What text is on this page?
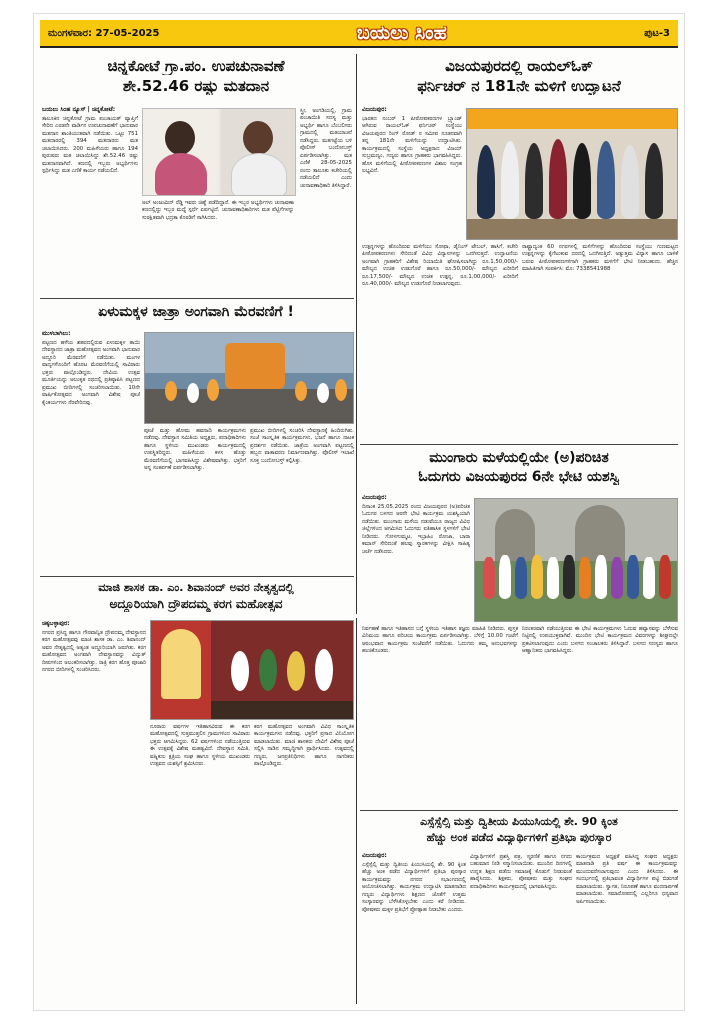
ಮಂಗಳವಾರ: 27-05-2025	ಬಯಲು ಸಿಂಹ	ಪುಟ-3
ಚಿನ್ನಕೋಟೆ ಗ್ರಾ.ಪಂ. ಉಪಚುನಾವಣೆ
ಶೇ.52.46 ರಷ್ಟು ಮತದಾನ
ಬಯಲು ಸಿಂಹ ನ್ಯೂಸ್ | ಚಿನ್ನಕೋಟೆ:
ತಾಲೂಕಿನ ಚಿನ್ನಕೋಟೆ ಗ್ರಾಮ ಪಂಚಾಯತ್ ವ್ಯಾಪ್ತಿಗೆ ಸೇರಿದ ಎರಡನೇ ವಾರ್ಡಿನ ಉಪಚುನಾವಣೆಗೆ ಭಾನುವಾರ ಮತದಾನ ಶಾಂತಿಯುತವಾಗಿ ನಡೆಯಿತು. ಒಟ್ಟು 751 ಮತದಾರರಲ್ಲಿ 394 ಮತದಾರರು ಮತ ಚಲಾಯಿಸಿದರು. 200 ಮಹಿಳೆಯರು ಹಾಗೂ 194 ಪುರುಷರು ಮತ ಚಲಾಯಿಸಿದ್ದು ಶೇ.52.46 ರಷ್ಟು ಮತದಾನವಾಗಿದೆ. ಕಣದಲ್ಲಿ ಇಬ್ಬರು ಅಭ್ಯರ್ಥಿಗಳು ಸ್ಪರ್ಧಿಸಿದ್ದು ಮತ ಎಣಿಕೆ ಕಾರ್ಯ ನಡೆಯಲಿದೆ.
ಅಲ್ ಅಂಜುಮಿನ್ ರೆಡ್ಡಿ ಇವರು ಚಿಹ್ನೆ ಪಡೆದಿದ್ದಾರೆ. ಈ ಇಬ್ಬರ ಅಭ್ಯರ್ಥಿಗಳು ಚುನಾವಣಾ ಕಣದಲ್ಲಿದ್ದು ಇಬ್ಬರ ಮಧ್ಯೆ ಸ್ಪರ್ಧೆ ಏರ್ಪಟ್ಟಿದೆ. ಚುನಾವಣಾಧಿಕಾರಿಗಳು ಮತ ಪೆಟ್ಟಿಗೆಗಳನ್ನು ಸುರಕ್ಷಿತವಾಗಿ ಭದ್ರತಾ ಕೊಠಡಿಗೆ ಸಾಗಿಸಿದರು.
ಸ್ತ್ರೀ, ಅಂಗಡಿಯಲ್ಲಿ, ಗ್ರಾಮ ಪಂಚಾಯಿತಿ ಸದಸ್ಯ ಮತ್ತು ಅಭ್ಯರ್ಥಿ ಹಾಗೂ ಬೆಂಬಲಿಗರು ಗ್ರಾಮದಲ್ಲಿ ಮತಯಾಚನೆ ನಡೆಸಿದ್ದರು. ಮತಗಟ್ಟೆಯ ಬಳಿ ಪೊಲೀಸ್ ಬಂದೋಬಸ್ತ್ ಏರ್ಪಡಿಸಲಾಗಿತ್ತು. ಮತ ಎಣಿಕೆ 28-05-2025 ರಂದು ತಾಲೂಕು ಕಚೇರಿಯಲ್ಲಿ ನಡೆಯಲಿದೆ ಎಂದು ಚುನಾವಣಾಧಿಕಾರಿ ತಿಳಿಸಿದ್ದಾರೆ.
ಏಳುಮಕ್ಕಳ ಜಾತ್ರಾ ಅಂಗವಾಗಿ ಮೆರವಣಿಗೆ !
ಮುಳಬಾಗಿಲು:
ಪಟ್ಟಣದ ಹಳೆಯ ಶಹರದಲ್ಲಿರುವ ಏಳುಮಕ್ಕಳ ತಾಯಿ ದೇವಸ್ಥಾನದ ಜಾತ್ರಾ ಮಹೋತ್ಸವದ ಅಂಗವಾಗಿ ಭಾನುವಾರ ಅದ್ದೂರಿ ಮೆರವಣಿಗೆ ನಡೆಯಿತು. ಮಂಗಳ ವಾದ್ಯಗಳೊಂದಿಗೆ ಹೊರಟ ಮೆರವಣಿಗೆಯಲ್ಲಿ ಸಾವಿರಾರು ಭಕ್ತರು ಪಾಲ್ಗೊಂಡಿದ್ದರು. ದೇವಿಯ ಉತ್ಸವ ಮೂರ್ತಿಯನ್ನು ಅಲಂಕೃತ ರಥದಲ್ಲಿ ಪ್ರತಿಷ್ಠಾಪಿಸಿ ಪಟ್ಟಣದ ಪ್ರಮುಖ ಬೀದಿಗಳಲ್ಲಿ ಸಂಚರಿಸಲಾಯಿತು. 10ನೇ ವಾರ್ಷಿಕೋತ್ಸವದ ಅಂಗವಾಗಿ ವಿಶೇಷ ಪೂಜೆ ಕೈಂಕರ್ಯಗಳು ನೆರವೇರಿದವು.
ಪೂಜೆ ಮತ್ತು ಹೋಮ ಹವನಾದಿ ಕಾರ್ಯಕ್ರಮಗಳು ನಡೆದವು. ದೇವಸ್ಥಾನ ಸಮಿತಿಯ ಅಧ್ಯಕ್ಷರು, ಪದಾಧಿಕಾರಿಗಳು ಹಾಗೂ ಸ್ಥಳೀಯ ಮುಖಂಡರು ಕಾರ್ಯಕ್ರಮದಲ್ಲಿ ಉಪಸ್ಥಿತರಿದ್ದರು. ಮಹಿಳೆಯರು ಕಳಸ ಹೊತ್ತು ಮೆರವಣಿಗೆಯಲ್ಲಿ ಭಾಗವಹಿಸಿದ್ದು ವಿಶೇಷವಾಗಿತ್ತು. ಭಕ್ತರಿಗೆ ಅನ್ನ ಸಂತರ್ಪಣೆ ಏರ್ಪಡಿಸಲಾಗಿತ್ತು.
ಪ್ರಮುಖ ಬೀದಿಗಳಲ್ಲಿ ಸಂಚರಿಸಿ ದೇವಸ್ಥಾನಕ್ಕೆ ಹಿಂದಿರುಗಿತು. ಸಂಜೆ ಸಾಂಸ್ಕೃತಿಕ ಕಾರ್ಯಕ್ರಮಗಳು, ಭಜನೆ ಹಾಗೂ ನಾಟಕ ಪ್ರದರ್ಶನ ನಡೆಯಿತು. ಜಾತ್ರೆಯ ಅಂಗವಾಗಿ ಪಟ್ಟಣದಲ್ಲಿ ಹಬ್ಬದ ವಾತಾವರಣ ನಿರ್ಮಾಣವಾಗಿತ್ತು. ಪೊಲೀಸ್ ಇಲಾಖೆ ಸೂಕ್ತ ಬಂದೋಬಸ್ತ್ ಕಲ್ಪಿಸಿತ್ತು.
ಮಾಜಿ ಶಾಸಕ ಡಾ. ಎಂ. ಶಿವಾನಂದ್ ಅವರ ನೇತೃತ್ವದಲ್ಲಿ
ಅದ್ದೂರಿಯಾಗಿ ದ್ರೌಪದಮ್ಮ ಕರಗ ಮಹೋತ್ಸವ
ಚಿಕ್ಕಬಳ್ಳಾಪುರ:
ನಗರದ ಪ್ರಸಿದ್ಧ ಹಾಗೂ ಗೌರವಾನ್ವಿತ ದ್ರೌಪದಮ್ಮ ದೇವಸ್ಥಾನದ ಕರಗ ಮಹೋತ್ಸವವು ಮಾಜಿ ಶಾಸಕ ಡಾ. ಎಂ. ಶಿವಾನಂದ್ ಅವರ ನೇತೃತ್ವದಲ್ಲಿ ಅತ್ಯಂತ ಅದ್ದೂರಿಯಾಗಿ ಜರುಗಿತು. ಕರಗ ಮಹೋತ್ಸವದ ಅಂಗವಾಗಿ ದೇವಸ್ಥಾನವನ್ನು ವಿದ್ಯುತ್ ದೀಪಗಳಿಂದ ಅಲಂಕರಿಸಲಾಗಿತ್ತು. ರಾತ್ರಿ ಕರಗ ಹೊತ್ತ ಪೂಜಾರಿ ನಗರದ ಬೀದಿಗಳಲ್ಲಿ ಸಂಚರಿಸಿದರು.
ನೂರಾರು ವರ್ಷಗಳ ಇತಿಹಾಸವಿರುವ ಈ ಕರಗ ಮಹೋತ್ಸವದಲ್ಲಿ ಸುತ್ತಮುತ್ತಲಿನ ಗ್ರಾಮಗಳಿಂದ ಸಾವಿರಾರು ಭಕ್ತರು ಆಗಮಿಸಿದ್ದರು. 62 ವರ್ಷಗಳಿಂದ ನಡೆಯುತ್ತಿರುವ ಈ ಉತ್ಸವಕ್ಕೆ ವಿಶೇಷ ಮಹತ್ವವಿದೆ. ದೇವಸ್ಥಾನ ಸಮಿತಿ, ವಹ್ನಿಕುಲ ಕ್ಷತ್ರಿಯ ಸಂಘ ಹಾಗೂ ಸ್ಥಳೀಯ ಮುಖಂಡರು ಉತ್ಸವದ ಯಶಸ್ಸಿಗೆ ಶ್ರಮಿಸಿದರು.
ಕರಗ ಮಹೋತ್ಸವದ ಅಂಗವಾಗಿ ವಿವಿಧ ಸಾಂಸ್ಕೃತಿಕ ಕಾರ್ಯಕ್ರಮಗಳು ನಡೆದವು. ಭಕ್ತರಿಗೆ ಪ್ರಸಾದ ವಿನಿಯೋಗ ಮಾಡಲಾಯಿತು. ಮಾಜಿ ಶಾಸಕರು ದೇವಿಗೆ ವಿಶೇಷ ಪೂಜೆ ಸಲ್ಲಿಸಿ ನಾಡಿನ ಸಮೃದ್ಧಿಗಾಗಿ ಪ್ರಾರ್ಥಿಸಿದರು. ಉತ್ಸವದಲ್ಲಿ ಗಣ್ಯರು, ಜನಪ್ರತಿನಿಧಿಗಳು ಹಾಗೂ ನಾಗರಿಕರು ಪಾಲ್ಗೊಂಡಿದ್ದರು.
ವಿಜಯಪುರದಲ್ಲಿ ರಾಯಲ್‌ಓಕ್
ಫರ್ನಿಚರ್ ನ 181ನೇ ಮಳಿಗೆ ಉದ್ಘಾಟನೆ
ವಿಜಯಪುರ:
ಭಾರತದ ನಂಬರ್ 1 ಪೀಠೋಪಕರಣಗಳ ಬ್ರ್ಯಾಂಡ್ ಆಗಿರುವ ರಾಯಲ್‌ಓಕ್ ಫರ್ನಿಚರ್ ಸಂಸ್ಥೆಯು ವಿಜಯಪುರದ ರಿಂಗ್ ರೋಡ್ ನ ಸಮೀಪ ನೂತನವಾಗಿ ತನ್ನ 181ನೇ ಮಳಿಗೆಯನ್ನು ಉದ್ಘಾಟಿಸಿತು. ಕಾರ್ಯಕ್ರಮದಲ್ಲಿ ಸಂಸ್ಥೆಯ ಅಧ್ಯಕ್ಷರಾದ ವಿಜಯ್ ಸುಬ್ರಮಣ್ಯಂ, ಗಣ್ಯರು ಹಾಗೂ ಗ್ರಾಹಕರು ಭಾಗವಹಿಸಿದ್ದರು. ಹೊಸ ಮಳಿಗೆಯಲ್ಲಿ ಪೀಠೋಪಕರಣಗಳ ವಿಶಾಲ ಸಂಗ್ರಹ ಲಭ್ಯವಿದೆ.
ಉತ್ಪನ್ನಗಳನ್ನು ಹೊಂದಿರುವ ಮಳಿಗೆಯು ಸೋಫಾ, ಡೈನಿಂಗ್ ಟೇಬಲ್, ಹಾಸಿಗೆ, ಕಚೇರಿ ಪೀಠೋಪಕರಣಗಳು ಸೇರಿದಂತೆ ವಿವಿಧ ವಿನ್ಯಾಸಗಳನ್ನು ಒದಗಿಸುತ್ತದೆ. ಉದ್ಘಾಟನೆಯ ಅಂಗವಾಗಿ ಗ್ರಾಹಕರಿಗೆ ವಿಶೇಷ ರಿಯಾಯಿತಿ ಘೋಷಿಸಲಾಗಿದ್ದು ರೂ.1,50,000/- ಮೌಲ್ಯದ ಉಚಿತ ಉಡುಗೊರೆ ಹಾಗೂ ರೂ.50,000/- ಮೌಲ್ಯದ ಖರೀದಿಗೆ ರೂ.17,500/- ಮೌಲ್ಯದ ಉಚಿತ ಉತ್ಪನ್ನ, ರೂ.1,00,000/- ಖರೀದಿಗೆ ರೂ.40,000/- ಮೌಲ್ಯದ ಉಡುಗೊರೆ ನೀಡಲಾಗುವುದು.
ರಾಷ್ಟ್ರಾದ್ಯಂತ 60 ನಗರಗಳಲ್ಲಿ ಮಳಿಗೆಗಳನ್ನು ಹೊಂದಿರುವ ಸಂಸ್ಥೆಯು ಗುಣಮಟ್ಟದ ಉತ್ಪನ್ನಗಳನ್ನು ಕೈಗೆಟುಕುವ ದರದಲ್ಲಿ ಒದಗಿಸುತ್ತಿದೆ. ಅತ್ಯುತ್ತಮ ವಿನ್ಯಾಸ ಹಾಗೂ ಬಾಳಿಕೆ ಬರುವ ಪೀಠೋಪಕರಣಗಳಿಗಾಗಿ ಗ್ರಾಹಕರು ಮಳಿಗೆಗೆ ಭೇಟಿ ನೀಡಬಹುದು. ಹೆಚ್ಚಿನ ಮಾಹಿತಿಗಾಗಿ ಸಂಪರ್ಕಿಸಿ: ಮೊ: 7338541988
ಮುಂಗಾರು ಮಳೆಯಲ್ಲಿಯೇ (ಅ)ಪರಿಚಿತ
ಓದುಗರು ವಿಜಯಪುರದ 6ನೇ ಭೇಟಿ ಯಶಸ್ವಿ
ವಿಜಯಪುರ:
ದಿನಾಂಕ 25.05.2025 ರಂದು ವಿಜಯಪುರದ (ಅ)ಪರಿಚಿತ ಓದುಗರ ಬಳಗದ ಆರನೇ ಭೇಟಿ ಕಾರ್ಯಕ್ರಮ ಯಶಸ್ವಿಯಾಗಿ ನಡೆಯಿತು. ಮುಂಗಾರು ಮಳೆಯ ನಡುವೆಯೂ ರಾಜ್ಯದ ವಿವಿಧ ಜಿಲ್ಲೆಗಳಿಂದ ಆಗಮಿಸಿದ ಓದುಗರು ಐತಿಹಾಸಿಕ ಸ್ಥಳಗಳಿಗೆ ಭೇಟಿ ನೀಡಿದರು. ಗೋಳಗುಮ್ಮಟ, ಇಬ್ರಾಹಿಂ ರೋಜಾ, ಬಾರಾ ಕಮಾನ್ ಸೇರಿದಂತೆ ಹಲವು ಸ್ಮಾರಕಗಳನ್ನು ವೀಕ್ಷಿಸಿ ಸಾಹಿತ್ಯ ಚರ್ಚೆ ನಡೆಸಿದರು.
ನಿರ್ವಹಣೆ ಹಾಗೂ ಇತಿಹಾಸದ ಬಗ್ಗೆ ಸ್ಥಳೀಯ ಇತಿಹಾಸ ತಜ್ಞರು ಮಾಹಿತಿ ನೀಡಿದರು. ಪುಸ್ತಕ ವಿನಿಮಯ ಹಾಗೂ ಪರಿಚಯ ಕಾರ್ಯಕ್ರಮ ಏರ್ಪಡಿಸಲಾಗಿತ್ತು. ಬೆಳಿಗ್ಗೆ 10.00 ಗಂಟೆಗೆ ಆರಂಭವಾದ ಕಾರ್ಯಕ್ರಮ ಸಂಜೆವರೆಗೆ ನಡೆಯಿತು. ಓದುಗರು ತಮ್ಮ ಅನುಭವಗಳನ್ನು ಹಂಚಿಕೊಂಡರು.
ನಿರಂತರವಾಗಿ ನಡೆಯುತ್ತಿರುವ ಈ ಭೇಟಿ ಕಾರ್ಯಕ್ರಮಗಳು ಓದುವ ಹವ್ಯಾಸವನ್ನು ಬೆಳೆಸುವ ನಿಟ್ಟಿನಲ್ಲಿ ಉಪಯುಕ್ತವಾಗಿವೆ. ಮುಂದಿನ ಭೇಟಿ ಕಾರ್ಯಕ್ರಮದ ವಿವರಗಳನ್ನು ಶೀಘ್ರದಲ್ಲೇ ಪ್ರಕಟಿಸಲಾಗುವುದು ಎಂದು ಬಳಗದ ಸಂಚಾಲಕರು ತಿಳಿಸಿದ್ದಾರೆ. ಬಳಗದ ಸದಸ್ಯರು ಹಾಗೂ ಆಹ್ವಾನಿತರು ಭಾಗವಹಿಸಿದ್ದರು.
ಎಸ್ಸೆಸ್ಸೆಲ್ಸಿ ಮತ್ತು ದ್ವಿತೀಯ ಪಿಯುಸಿಯಲ್ಲಿ ಶೇ. 90 ಕ್ಕಿಂತ
ಹೆಚ್ಚು ಅಂಕ ಪಡೆದ ವಿದ್ಯಾರ್ಥಿಗಳಿಗೆ ಪ್ರತಿಭಾ ಪುರಸ್ಕಾರ
ವಿಜಯಪುರ:
ಎಸ್ಸೆಸ್ಸೆಲ್ಸಿ ಮತ್ತು ದ್ವಿತೀಯ ಪಿಯುಸಿಯಲ್ಲಿ ಶೇ. 90 ಕ್ಕಿಂತ ಹೆಚ್ಚು ಅಂಕ ಪಡೆದ ವಿದ್ಯಾರ್ಥಿಗಳಿಗೆ ಪ್ರತಿಭಾ ಪುರಸ್ಕಾರ ಕಾರ್ಯಕ್ರಮವನ್ನು ನಗರದ ಸಭಾಂಗಣದಲ್ಲಿ ಆಯೋಜಿಸಲಾಗಿತ್ತು. ಕಾರ್ಯಕ್ರಮ ಉದ್ಘಾಟಿಸಿ ಮಾತನಾಡಿದ ಗಣ್ಯರು ವಿದ್ಯಾರ್ಥಿಗಳು ಶಿಕ್ಷಣದ ಜೊತೆಗೆ ಉತ್ತಮ ಸಂಸ್ಕಾರವನ್ನು ಬೆಳೆಸಿಕೊಳ್ಳಬೇಕು ಎಂದು ಕರೆ ನೀಡಿದರು. ಪೋಷಕರು ಮಕ್ಕಳ ಪ್ರತಿಭೆಗೆ ಪ್ರೋತ್ಸಾಹ ನೀಡಬೇಕು ಎಂದರು.
ವಿದ್ಯಾರ್ಥಿಗಳಿಗೆ ಪ್ರಶಸ್ತಿ ಪತ್ರ, ಸ್ಮರಣಿಕೆ ಹಾಗೂ ನಗದು ಬಹುಮಾನ ನೀಡಿ ಸನ್ಮಾನಿಸಲಾಯಿತು. ಮುಂದಿನ ದಿನಗಳಲ್ಲಿ ಉನ್ನತ ಶಿಕ್ಷಣ ಪಡೆದು ಸಮಾಜಕ್ಕೆ ಕೊಡುಗೆ ನೀಡುವಂತೆ ಹಾರೈಸಿದರು. ಶಿಕ್ಷಕರು, ಪೋಷಕರು ಮತ್ತು ಸಂಘದ ಪದಾಧಿಕಾರಿಗಳು ಕಾರ್ಯಕ್ರಮದಲ್ಲಿ ಭಾಗವಹಿಸಿದ್ದರು.
ಕಾರ್ಯಕ್ರಮದ ಅಧ್ಯಕ್ಷತೆ ವಹಿಸಿದ್ದ ಸಂಘದ ಅಧ್ಯಕ್ಷರು ಮಾತನಾಡಿ ಪ್ರತಿ ವರ್ಷ ಈ ಕಾರ್ಯಕ್ರಮವನ್ನು ಮುಂದುವರೆಸಲಾಗುವುದು ಎಂದು ತಿಳಿಸಿದರು. ಈ ಸಂದರ್ಭದಲ್ಲಿ ಪ್ರತಿಭಾವಂತ ವಿದ್ಯಾರ್ಥಿಗಳ ಪಟ್ಟಿ ಬಿಡುಗಡೆ ಮಾಡಲಾಯಿತು. ಸ್ವಾಗತ, ನಿರೂಪಣೆ ಹಾಗೂ ವಂದನಾರ್ಪಣೆ ಮಾಡಲಾಯಿತು. ಸಮಾರೋಪದಲ್ಲಿ ಎಲ್ಲರಿಗೂ ಧನ್ಯವಾದ ಅರ್ಪಿಸಲಾಯಿತು.
